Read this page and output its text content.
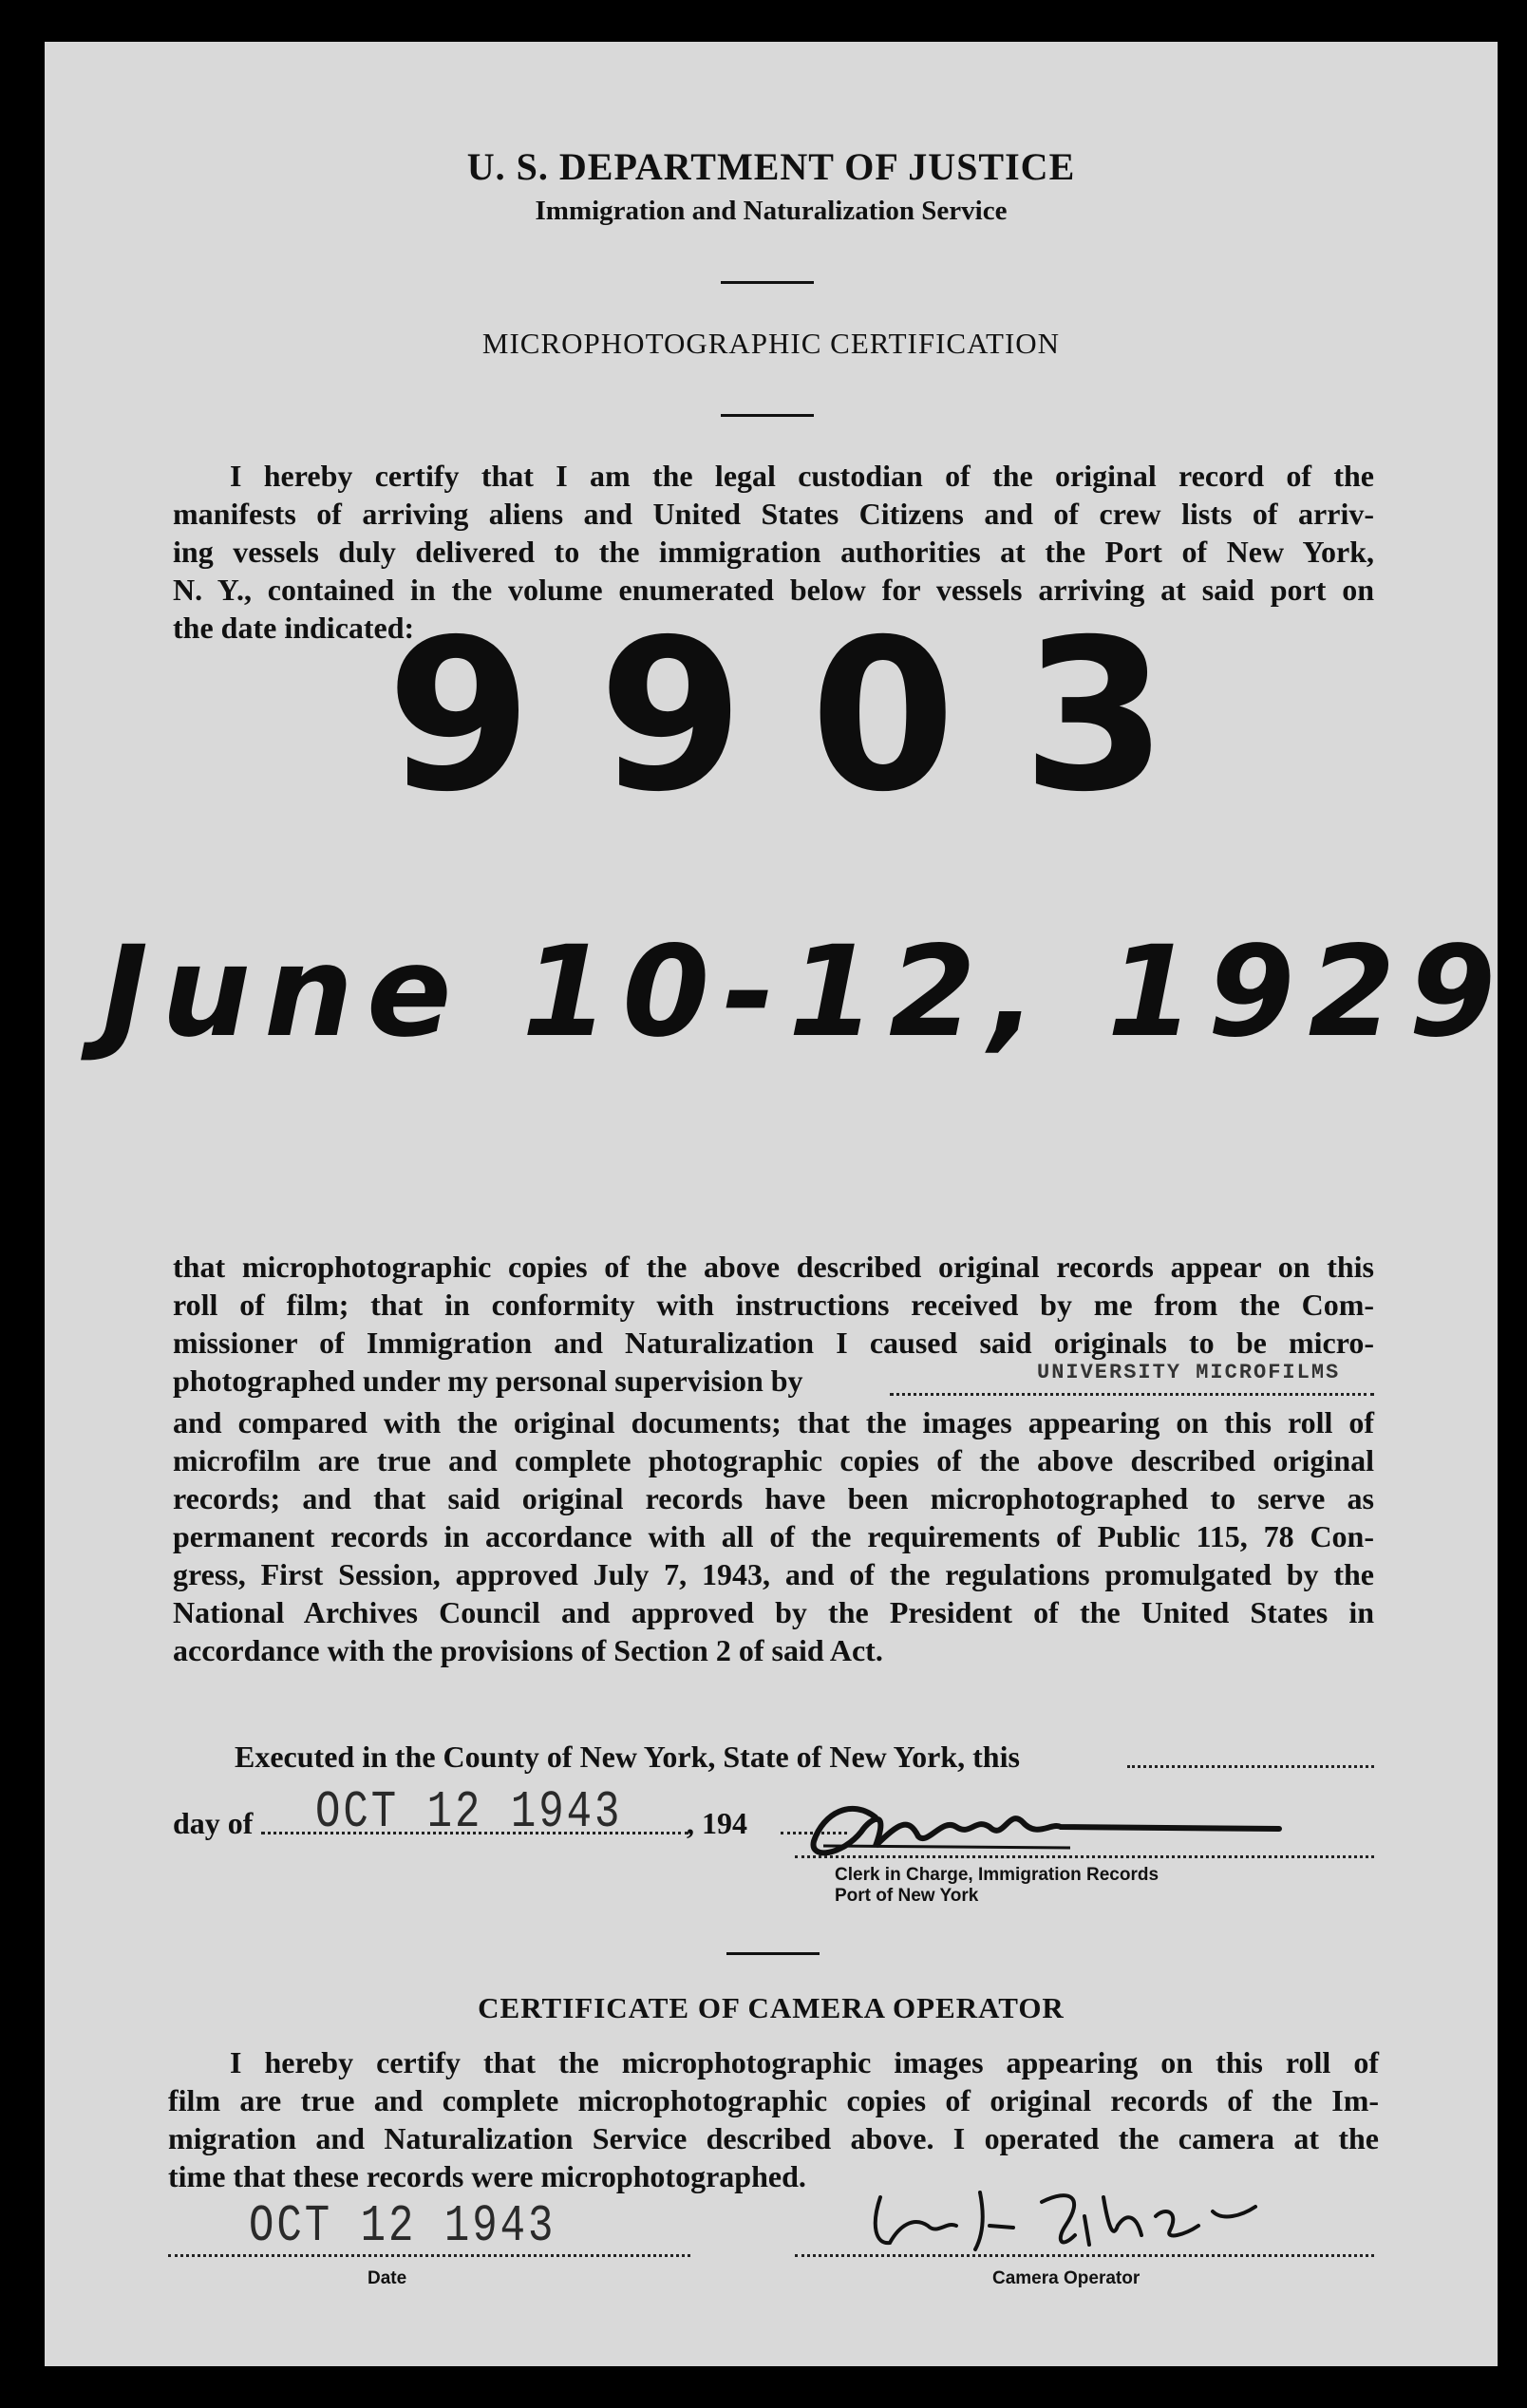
U. S. DEPARTMENT OF JUSTICE
Immigration and Naturalization Service
MICROPHOTOGRAPHIC CERTIFICATION
I hereby certify that I am the legal custodian of the original record of the
manifests of arriving aliens and United States Citizens and of crew lists of arriv-
ing vessels duly delivered to the immigration authorities at the Port of New York,
N. Y., contained in the volume enumerated below for vessels arriving at said port on
the date indicated:
9903
June 10-12, 1929
that microphotographic copies of the above described original records appear on this
roll of film; that in conformity with instructions received by me from the Com-
missioner of Immigration and Naturalization I caused said originals to be micro-
photographed under my personal supervision by	UNIVERSITY MICROFILMS
and compared with the original documents; that the images appearing on this roll of
microfilm are true and complete photographic copies of the above described original
records; and that said original records have been microphotographed to serve as
permanent records in accordance with all of the requirements of Public 115, 78 Con-
gress, First Session, approved July 7, 1943, and of the regulations promulgated by the
National Archives Council and approved by the President of the United States in
accordance with the provisions of Section 2 of said Act.
Executed in the County of New York, State of New York, this
day of OCT 12 1943 , 194
Clerk in Charge, Immigration Records
Port of New York
CERTIFICATE OF CAMERA OPERATOR
I hereby certify that the microphotographic images appearing on this roll of
film are true and complete microphotographic copies of original records of the Im-
migration and Naturalization Service described above. I operated the camera at the
time that these records were microphotographed.
OCT 12 1943
Date	Camera Operator
